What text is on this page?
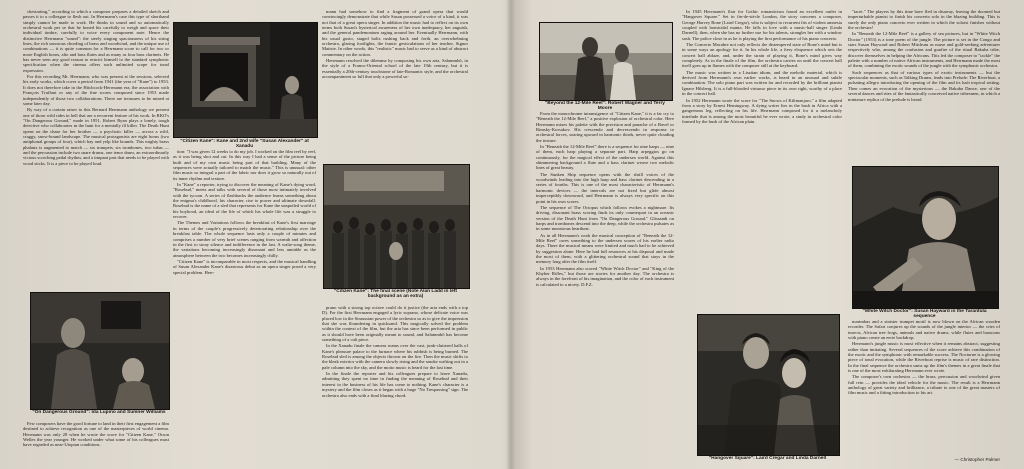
chestrating," according to which a composer prepares a detailed sketch and passes it to a colleague to flesh out. In Herrmann's case this type of shorthand simply cannot be made to work. He thinks in sound and so automatically orchestral work per se that he honed his carefully to weigh and space their individual timbre, carefully to voice every component note. Hence the distinctive Herrmann "sound": the steely singing spaciousness of his string lines, the rich sonorous chording of brass and woodwind, and the unique use of combinations — it is quite common for a Herrmann score to call for two or more English horns, alto and bass flutes and as many as four bass clarinets. He has never seen any good reason to restrict himself to the standard symphonic specification when the cinema offers such unlimited scope for tonal expression.

For this recording Mr. Herrmann, who was present at the sessions, selected his early works, which cover a period from 1941 (the year of "Kane") to 1953. It does not therefore take in the Hitchcock-Herrmann era, the association with François Truffaut or any of the fine scores composed since 1953 made independently of those two collaborations. There are treasures to be mined at some later day.

By way of a curtain raiser to this Bernard Herrmann anthology we present one of those wild rides in hell that are a recurrent feature of his work. In RKO's "On Dangerous Ground," made in 1951, Robert Ryan plays a lonely, tough detective who collaborates in the hunt for a mentally ill killer. The Death Hunt opens on the chase for her brother — a psychotic killer — across a wild, craggy, snow-bound landscape. The musical protagonists are eight horns (two antiphonal groups of four), which bay and yelp like hounds. This mighty brass phalanx is augmented to match — six trumpets, six trombones, two tubas — and the percussion include two snare drums, one tenor drum, an extraordinarily vicious scorching pedal rhythm, and a timpani part that needs to be played with wood sticks. It is a piece to be played loud.

"On Dangerous Ground": Ida Lupino and Sumner Williams

Few composers have the good fortune to land in their first engagement a film destined to achieve recognition as one of the masterpieces of world cinema. Herrmann was only 28 when he wrote the score for "Citizen Kane," Orson Welles the year younger. He worked under what some of his colleagues must have regarded as near-Utopian conditions.

"Citizen Kane": Kane and 2nd wife "Susan Alexander" at Xanadu

tion: "I was given 12 weeks to do my job. I worked on the film reel by reel, as it was being shot and cut. In this way I had a sense of the picture being built and of my own music being part of that building. Many of the sequences were actually tailored to match the music." This is unusual: other film music so integral a part of the fabric nor does it grow so naturally out of its inner rhythm and texture.

In "Kane" a reporter, trying to discover the meaning of Kane's dying word, "Rosebud," meets and talks with several of those most intimately involved with the tycoon. A series of flashbacks the audience learns something about the enigma's childhood, his character, rise to power and ultimate downfall. Rosebud is the name of a sled that represents for Kane the unspoiled world of his boyhood, an ideal of the life of which his whole life was a struggle to recover.

The Themes and Variations follows the breakfast of Kane's first marriage in terms of the couple's progressively deteriorating relationship over the breakfast table. The whole sequence lasts only a couple of minutes and comprises a number of very brief scenes ranging from warmth and affection in the first to stony silence and indifference in the last. A waltz-song theme, the variations becoming increasingly dissonant and less amiable as the atmosphere between the two becomes increasingly chilly.

"Citizen Kane" is incomparable in most respects, and the musical handling of Susan Alexander Kane's disastrous debut as an opera singer posed a very special problem. Herr-

mann had somehow to find a fragment of grand opera that would convincingly demonstrate that while Susan possessed a voice of a kind, it was not that of a great opera singer. In addition the music had to reflect on its own terms both Susan's hysterical awareness of her own inadequacy, her anguish, and the general pandemonium raging around her. Eventually Herrmann, with his usual gusto, staged bolts rushing back and forth, an overwhelming orchestra, glaring footlights, the frantic gesticulations of her teacher, Signor Matiste. In other words, this "realistic" music had to serve as a kind of abstract commentary on the action.

Herrmann resolved the dilemma by composing his own aria, Salammbô, in the style of a Franco-Oriental school of the late 19th century, but it is essentially a 20th-century touchstone of late-Romantic style, and the orchestral accompaniment so full that only a powerful so-

"Citizen Kane": The final scene (Note Alan Ladd in left background as an extra)

prano with a strong top octave could do it justice (the aria ends with a top D). For the first Herrmann engaged a lyric soprano, whose delicate voice was placed low in the Straussian power of the orchestra so as to give the impression that she was floundering in quicksand. This magically solved the problem within the context of the film, but the aria has since been performed in public as it should have been originally meant to sound, and Salammbô has become something of a cult piece.

In the Xanadu finale the camera roams over the vast, junk-cluttered halls of Kane's pleasure palace to the furnace where his rubbish is being burned. The Rosebud sled is among the objects thrown on the fire. Then the music shifts to the bleak exterior with the camera slowly rising and the smoke wafting out in a pale column into the sky, and the motto music is heard for the last time.

In the finale the reporter and his colleagues prepare to leave Xanadu, admitting they spent no time in finding the meaning of Rosebud and their interest in the business of his life has come to nothing. Kane's character is a mystery and the film closes as it began with a huge "No Trespassing" sign. The orchestra also ends with a final blazing chord.

"Beyond the 12-Mile Reef": Robert Wagner and Terry Moore

From the monochrome intransigence of "Citizen Kane," it is a far cry to "Beneath the 12-Mile Reef," a positive explosion of orchestral color. Here Herrmann mixes his palette with the precision and panache of a Ravel or Rimsky-Korsakov. His crescendo and decrescendo in response to orchestral forces, soaring upward in harmonic thirds, never quite clouding the texture.

In "Beneath the 12-Mile Reef" there is a sequence for nine harps — nine of them, each harp playing a separate part. Harp arpeggios go on continuously, for the magical effect of the undersea world. Against this shimmering background a flute and a bass clarinet weave two melodic lines of great beauty.

The Sunken Ship sequence opens with the shrill voices of the woodwinds leading into the high harp and bass clarinet descending in a series of fourths. This is one of the most characteristic of Herrmann's harmonic devices — the intervals are not fixed but glide almost imperceptibly downward, and Herrmann is always very specific on this point in his own scores.

The sequence of The Octopus which follows evokes a nightmare. Its driving, dissonant brass scoring finds its only counterpart in an oceanic version of the Death Hunt from "On Dangerous Ground." Glissandi on harps and trombones descend into the deep, while the orchestra pulsates as in some monstrous heartbeat.

As in all Herrmann's work the musical conception of "Beneath the 12-Mile Reef" owes something to the undersea scores of his earlier radio days. There the musical means were limited and much had to be achieved by suggestion alone. Here he had full resources at his disposal and made the most of them, with a glittering orchestral sound that stays in the memory long after the film itself.

In 1953 Herrmann also scored "White Witch Doctor" and "King of the Khyber Rifles," but those are stories for another day. The orchestra is always in the forefront of his imagination, and the color of each instrument is calculated to a nicety. D.F.Z.

In 1945 Herrmann's flair for Gothic romanticism found an excellent outlet in "Hangover Square." Set in fin-de-siècle London, the story concerns a composer, George Harvey Bone (Laird Cregar), who is subject to recurrent fits of violent amnesia coupled with homicidal mania. He falls in love with a music-hall singer (Linda Darnell), then, when she has no further use for his talents, strangles her with a window sash. The police close in as he is playing the first performance of his piano concerto.

The Concerto Macabre not only reflects the distempered state of Bone's mind but is in some ways an apology for it. In his whole life, a fiery eloquence which sets the concert hall ablaze, and, under the strain of playing it, Bone's mind gives way completely. As in the finale of the film, the orchestra carries on until the concert hall itself goes up in flames with the composer still at the keyboard.

The music was written in a Lisztian idiom, and the melodic material, which is derived from Herrmann's own earlier works, is heard in an unusual and subtle combination. The solo piano part was written for and recorded by the brilliant pianist Ignace Hilsberg. It is a full-blooded virtuoso piece in its own right, worthy of a place in the concert hall.

In 1952 Herrmann wrote the score for "The Snows of Kilimanjaro," a film adapted from a story by Ernest Hemingway. A dying writer lies in the bush in Africa with a gangrenous leg, reflecting on his life. Herrmann composed for it a melancholy interlude that is among the most beautiful he ever wrote, a study in orchestral color framed by the hush of the African plain.

"tacet." The players by this time have fled in disarray, leaving the doomed but imperturbable pianist to finish his concerto solo in the blazing building. This is surely the only piano concerto ever written in which the soloist finishes without the orchestra!

In "Beneath the 12-Mile Reef" is a gallery of sea pictures, but in "White Witch Doctor" (1953) is a tone poem of the jungle. The picture is set in the Congo and stars Susan Hayward and Robert Mitchum as nurse and gold-seeking adventurer respectively who, among the confusion and gunfire of the ritual Bakuba tribe, discover themselves in helping the Africans. This led the composer to "tackle" the palette with a number of native African instruments, and Herrmann made the most of them, combining the exotic sounds of the jungle with the symphonic orchestra.

Such sequences as that of various types of exotic instruments — but the spectacular moments, such as Talking Drums, leads into Prelude: The Riverboat, a pulsating allegro introducing the opening of the film and its lush tropical setting. Then comes an evocation of the mysterious — the Bakuba Dance, one of the several dances and rites of the fantastically conceived native tribesmen, in which a miniature replica of the prelude is heard.

"White Witch Doctor": Susan Hayward in the Tarantula sequence

marimbas and a sinister trumpet motif is now blown on the African wooden recorder. The Safari conjures up the sounds of the jungle interior — the cries of insects, African tree frogs, animals and native drums, while flutes and bassoons with piano create an eerie backdrop.

Herrmann's jungle music is most effective when it remains abstract, suggesting rather than imitating. Several sequences of the score achieve this combination of the exotic and the symphonic with remarkable success. The Nocturne is a glowing piece of tonal evocation, while the Riverboat reprise is music of rare distinction. In the final sequence the orchestra sums up the film's themes in a great finale that is one of the most exhilarating Herrmann ever wrote.

The composer's own orchestra — the brass, percussion and woodwind given full rein — provides the ideal vehicle for the music. The result is a Herrmann anthology of great variety and brilliance, a tribute to one of the great masters of film music and a fitting introduction to his art.

— Christopher Palmer
"Hangover Square": Laird Cregar and Linda Darnell
